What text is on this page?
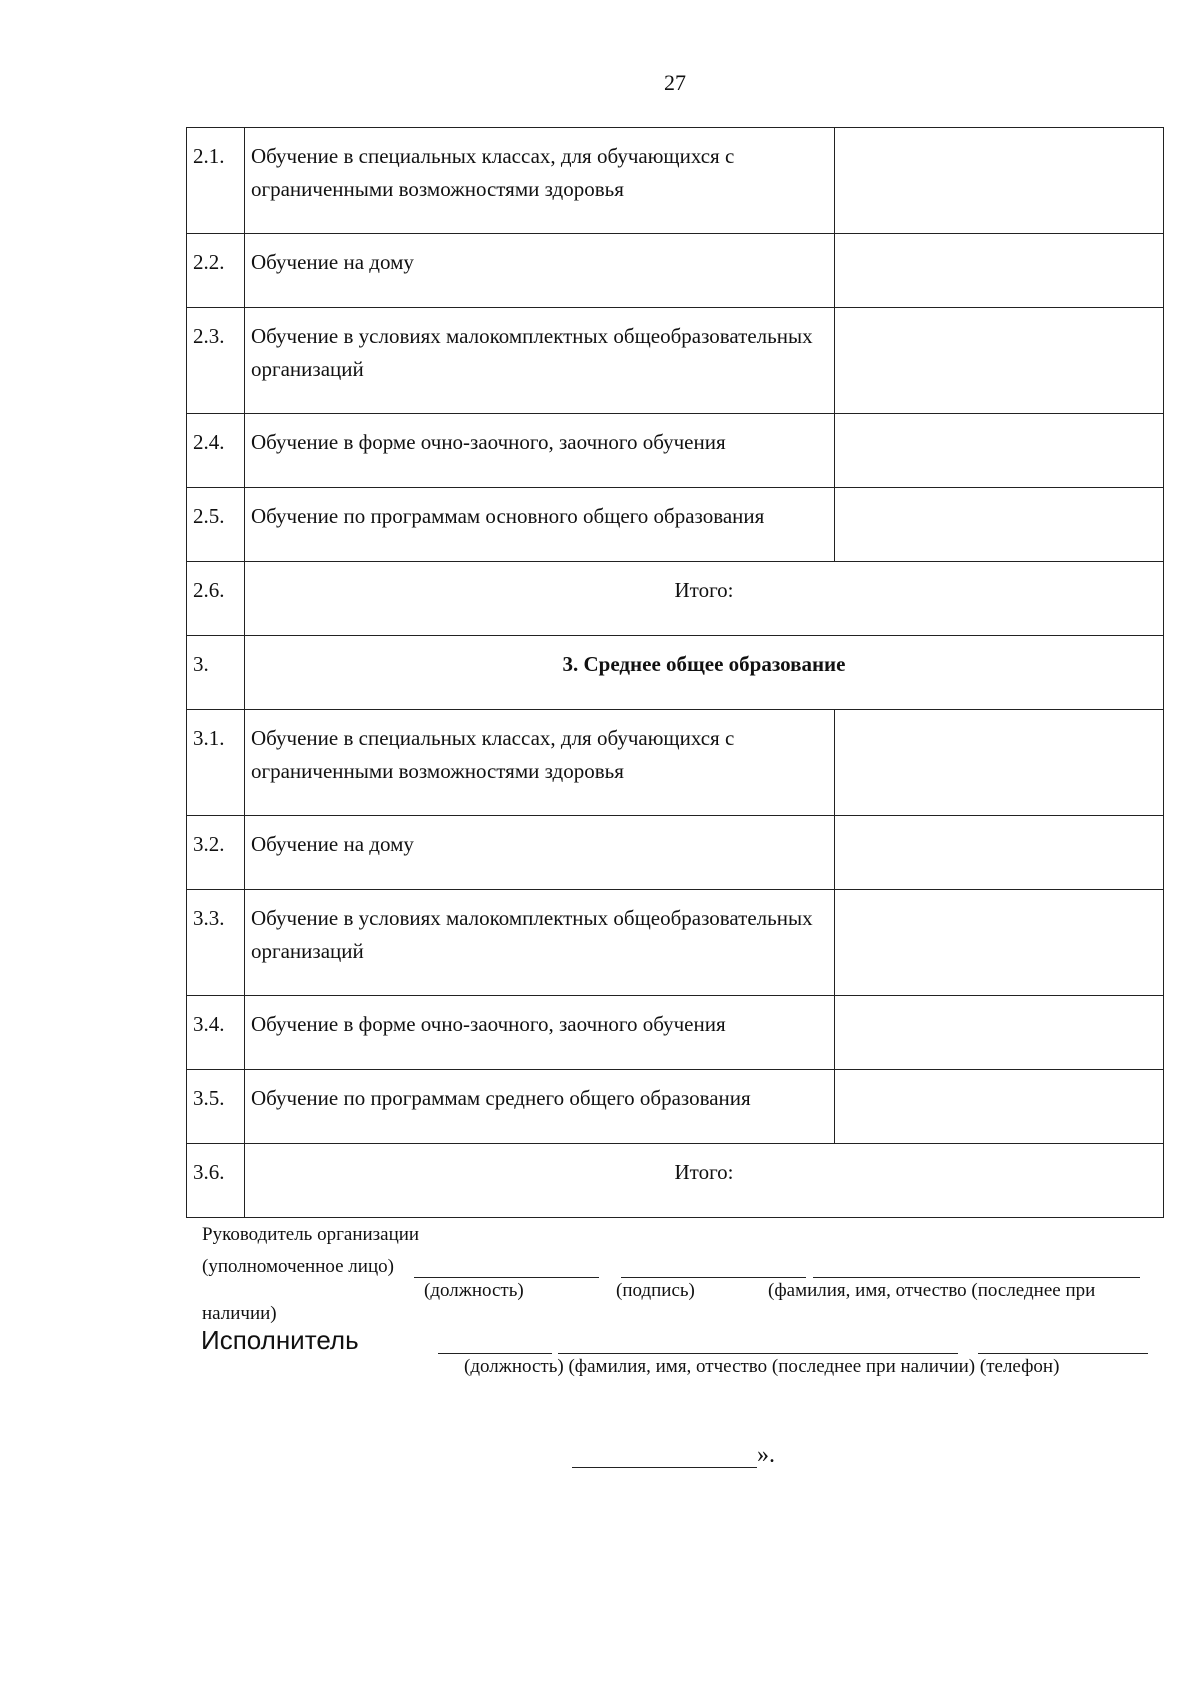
27
2.1.	Обучение в специальных классах, для обучающихся с ограниченными возможностями здоровья	
2.2.	Обучение на дому	
2.3.	Обучение в условиях малокомплектных общеобразовательных организаций	
2.4.	Обучение в форме очно-заочного, заочного обучения	
2.5.	Обучение по программам основного общего образования	
2.6.	Итого:	
3.	3. Среднее общее образование	
3.1.	Обучение в специальных классах, для обучающихся с ограниченными возможностями здоровья	
3.2.	Обучение на дому	
3.3.	Обучение в условиях малокомплектных общеобразовательных организаций	
3.4.	Обучение в форме очно-заочного, заочного обучения	
3.5.	Обучение по программам среднего общего образования	
3.6.	Итого:	
Руководитель организации
(уполномоченное лицо)
(должность)	(подпись)	(фамилия, имя, отчество (последнее при
наличии)
Исполнитель
(должность) (фамилия, имя, отчество (последнее при наличии) (телефон)
».
